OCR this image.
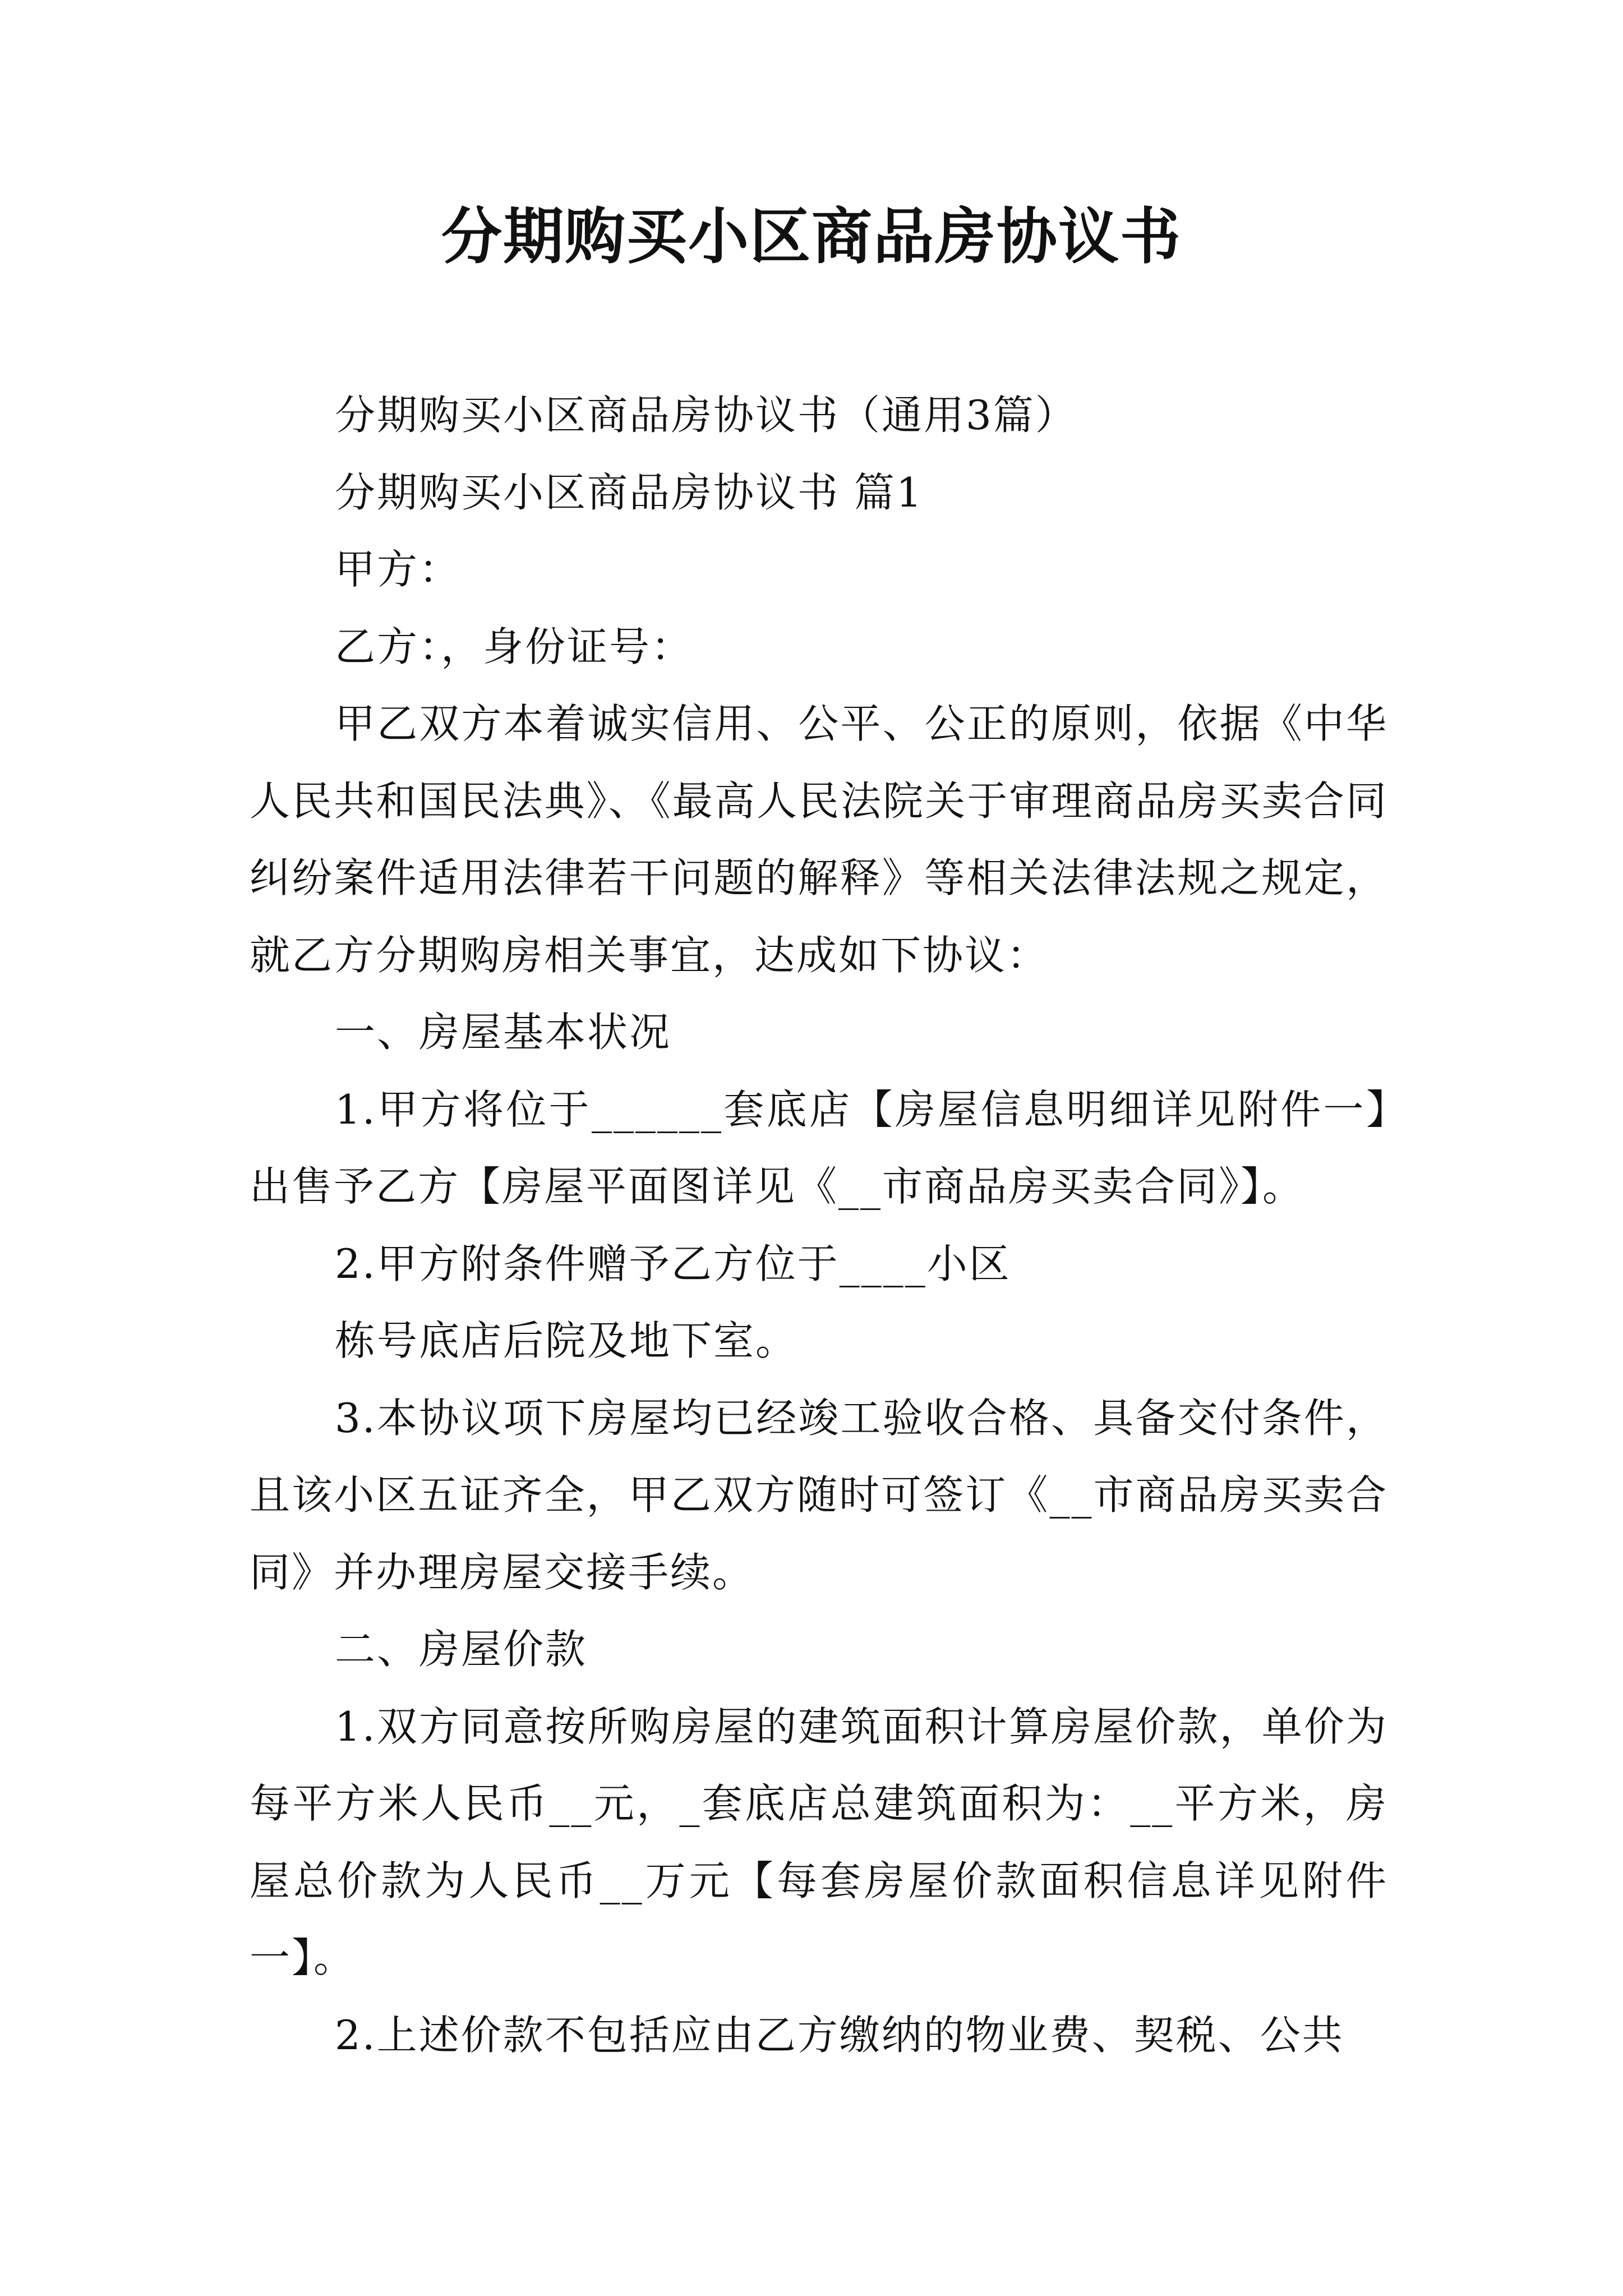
分期购买小区商品房协议书

分期购买小区商品房协议书（通用3篇）

分期购买小区商品房协议书 篇1

甲方：

乙方：，身份证号：

甲乙双方本着诚实信用、公平、公正的原则，依据《中华人民共和国民法典》、《最高人民法院关于审理商品房买卖合同纠纷案件适用法律若干问题的解释》等相关法律法规之规定，就乙方分期购房相关事宜，达成如下协议：

一、房屋基本状况

1.甲方将位于______套底店【房屋信息明细详见附件一】出售予乙方【房屋平面图详见《__市商品房买卖合同》】。

2.甲方附条件赠予乙方位于____小区

栋号底店后院及地下室。

3.本协议项下房屋均已经竣工验收合格、具备交付条件，且该小区五证齐全，甲乙双方随时可签订《__市商品房买卖合同》并办理房屋交接手续。

二、房屋价款

1.双方同意按所购房屋的建筑面积计算房屋价款，单价为每平方米人民币__元，_套底店总建筑面积为：__平方米，房屋总价款为人民币__万元【每套房屋价款面积信息详见附件一】。

2.上述价款不包括应由乙方缴纳的物业费、契税、公共
